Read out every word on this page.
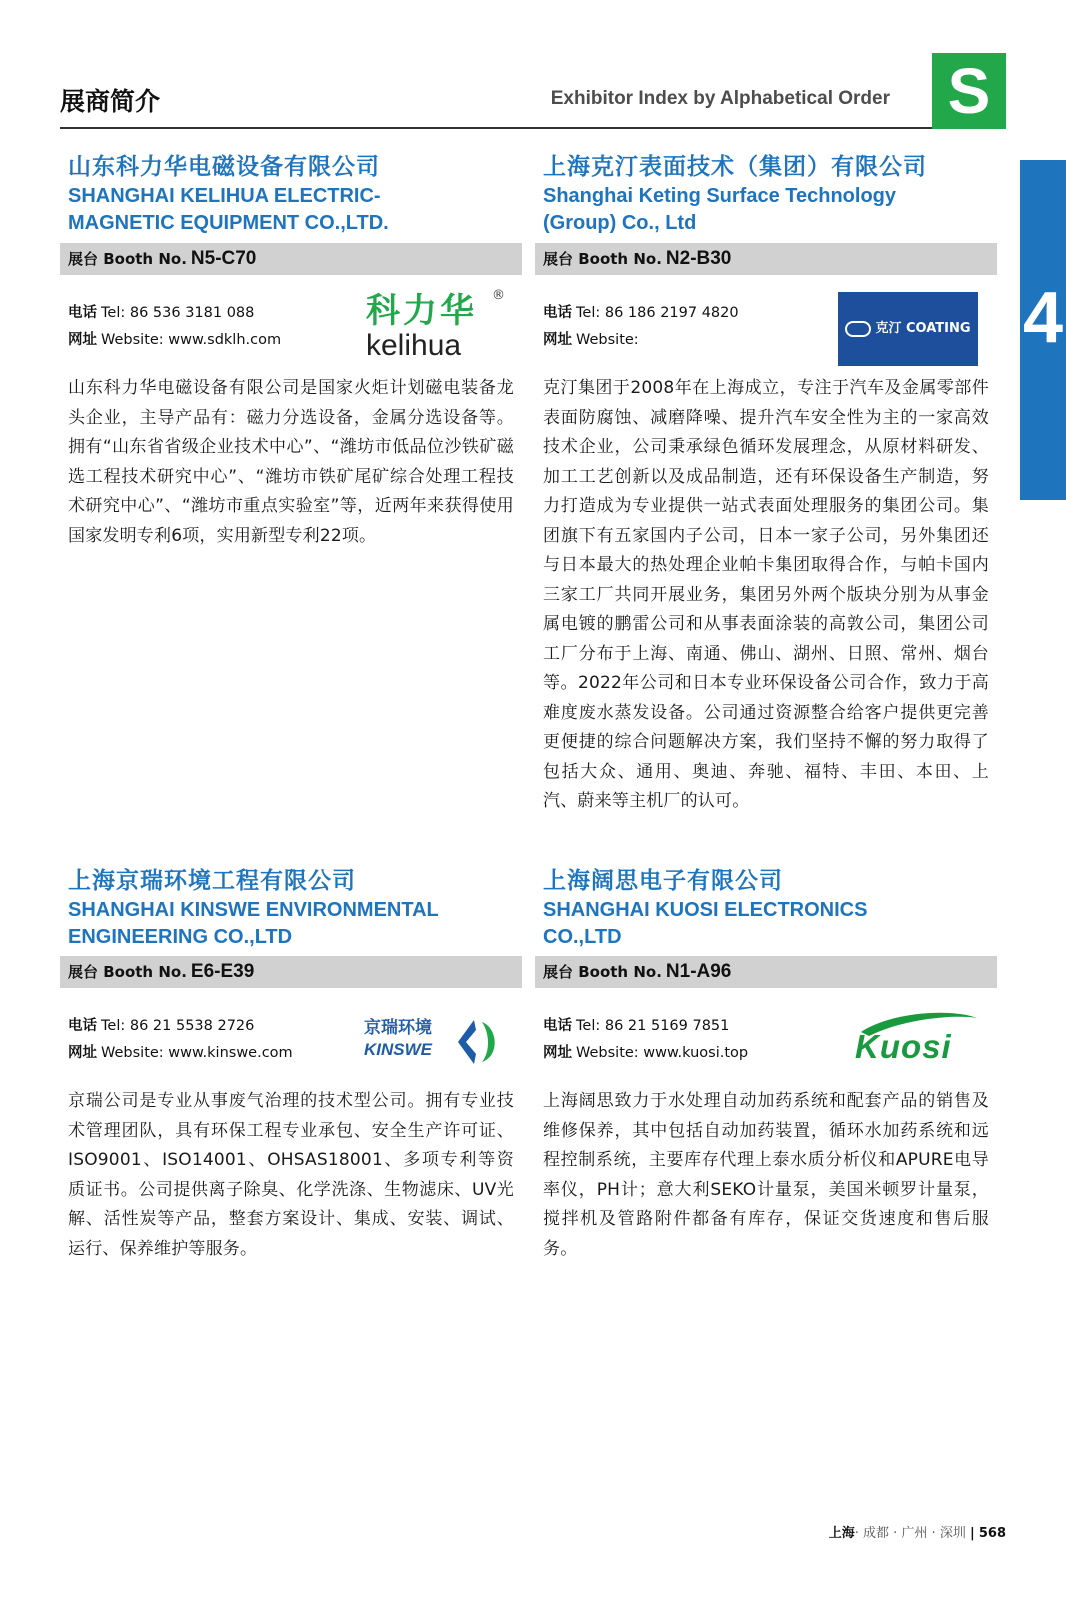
展商简介	Exhibitor Index by Alphabetical Order S
4
山东科力华电磁设备有限公司
SHANGHAI KELIHUA ELECTRIC-
MAGNETIC EQUIPMENT CO.,LTD.
展台 Booth No. N5-C70
电话 Tel: 86 536 3181 088
网址 Website: www.sdklh.com
科力华	®
kelihua
山东科力华电磁设备有限公司是国家火炬计划磁电装备龙头企业，主导产品有：磁力分选设备，金属分选设备等。拥有“山东省省级企业技术中心”、“潍坊市低品位沙铁矿磁选工程技术研究中心”、“潍坊市铁矿尾矿综合处理工程技术研究中心”、“潍坊市重点实验室”等，近两年来获得使用国家发明专利6项，实用新型专利22项。
上海克汀表面技术（集团）有限公司
Shanghai Keting Surface Technology
(Group) Co., Ltd
展台 Booth No. N2-B30
电话 Tel: 86 186 2197 4820
网址 Website:
克汀 COATING
克汀集团于2008年在上海成立，专注于汽车及金属零部件表面防腐蚀、减磨降噪、提升汽车安全性为主的一家高效技术企业，公司秉承绿色循环发展理念，从原材料研发、加工工艺创新以及成品制造，还有环保设备生产制造，努力打造成为专业提供一站式表面处理服务的集团公司。集团旗下有五家国内子公司，日本一家子公司，另外集团还与日本最大的热处理企业帕卡集团取得合作，与帕卡国内三家工厂共同开展业务，集团另外两个版块分别为从事金属电镀的鹏雷公司和从事表面涂装的高敦公司，集团公司工厂分布于上海、南通、佛山、湖州、日照、常州、烟台等。2022年公司和日本专业环保设备公司合作，致力于高难度废水蒸发设备。公司通过资源整合给客户提供更完善更便捷的综合问题解决方案，我们坚持不懈的努力取得了包括大众、通用、奥迪、奔驰、福特、丰田、本田、上汽、蔚来等主机厂的认可。
上海京瑞环境工程有限公司
SHANGHAI KINSWE ENVIRONMENTAL
ENGINEERING CO.,LTD
展台 Booth No. E6-E39
电话 Tel: 86 21 5538 2726
网址 Website: www.kinswe.com
京瑞环境
KINSWE
京瑞公司是专业从事废气治理的技术型公司。拥有专业技术管理团队，具有环保工程专业承包、安全生产许可证、ISO9001、ISO14001、OHSAS18001、多项专利等资质证书。公司提供离子除臭、化学洗涤、生物滤床、UV光解、活性炭等产品，整套方案设计、集成、安装、调试、运行、保养维护等服务。
上海阔思电子有限公司
SHANGHAI KUOSI ELECTRONICS
CO.,LTD
展台 Booth No. N1-A96
电话 Tel: 86 21 5169 7851
网址 Website: www.kuosi.top	Kuosi
上海阔思致力于水处理自动加药系统和配套产品的销售及维修保养，其中包括自动加药装置，循环水加药系统和远程控制系统，主要库存代理上泰水质分析仪和APURE电导率仪，PH计；意大利SEKO计量泵，美国米顿罗计量泵，搅拌机及管路附件都备有库存，保证交货速度和售后服务。
上海· 成都 · 广州 · 深圳 | 568
